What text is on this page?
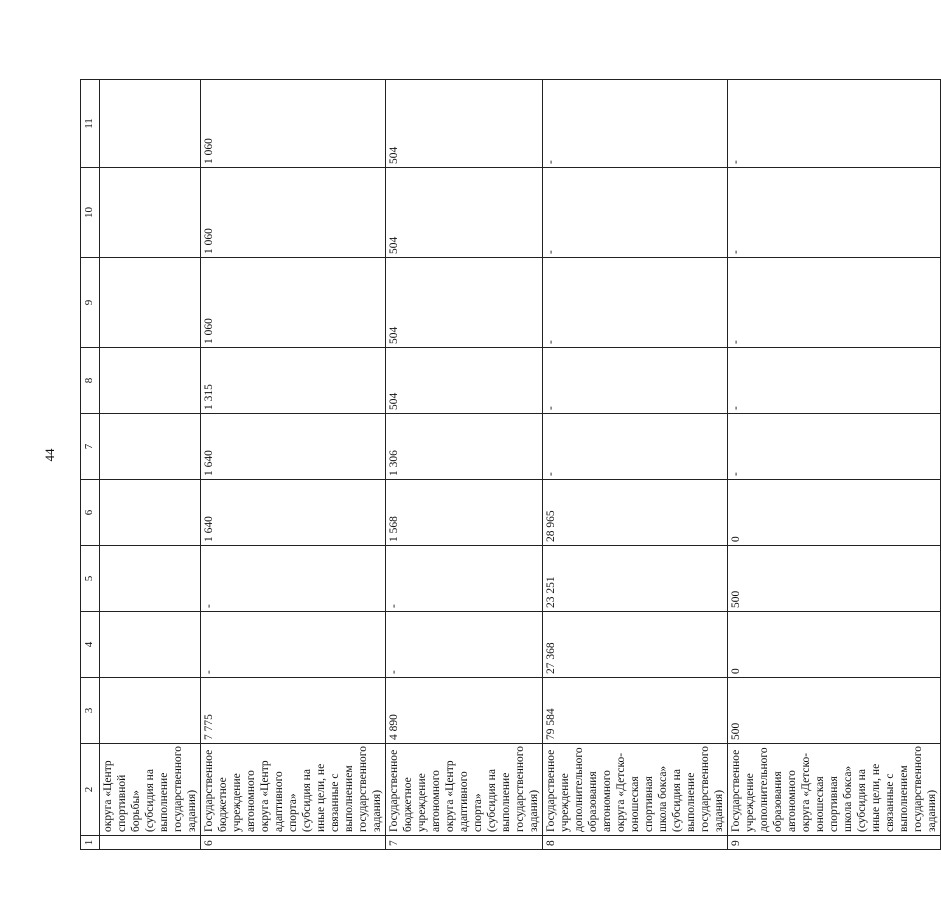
44
1	2	3	4	5	6	7	8	9	10	11
	округа «Центр спортивной борьбы» (субсидия на выполнение государственного задания)									
6	Государственное бюджетное учреждение автономного округа «Центр адаптивного спорта» (субсидия на иные цели, не связанные с выполнением государственного задания)	7 775	-	-	1 640	1 640	1 315	1 060	1 060	1 060
7	Государственное бюджетное учреждение автономного округа «Центр адаптивного спорта» (субсидия на выполнение государственного задания)	4 890	-	-	1 568	1 306	504	504	504	504
8	Государственное учреждение дополнительного образования автономного округа «Детско-юношеская спортивная школа бокса» (субсидия на выполнение государственного задания)	79 584	27 368	23 251	28 965	-	-	-	-	-
9	Государственное учреждение дополнительного образования автономного округа «Детско-юношеская спортивная школа бокса» (субсидия на иные цели, не связанные с выполнением государственного задания)	500	0	500	0	-	-	-	-	-
